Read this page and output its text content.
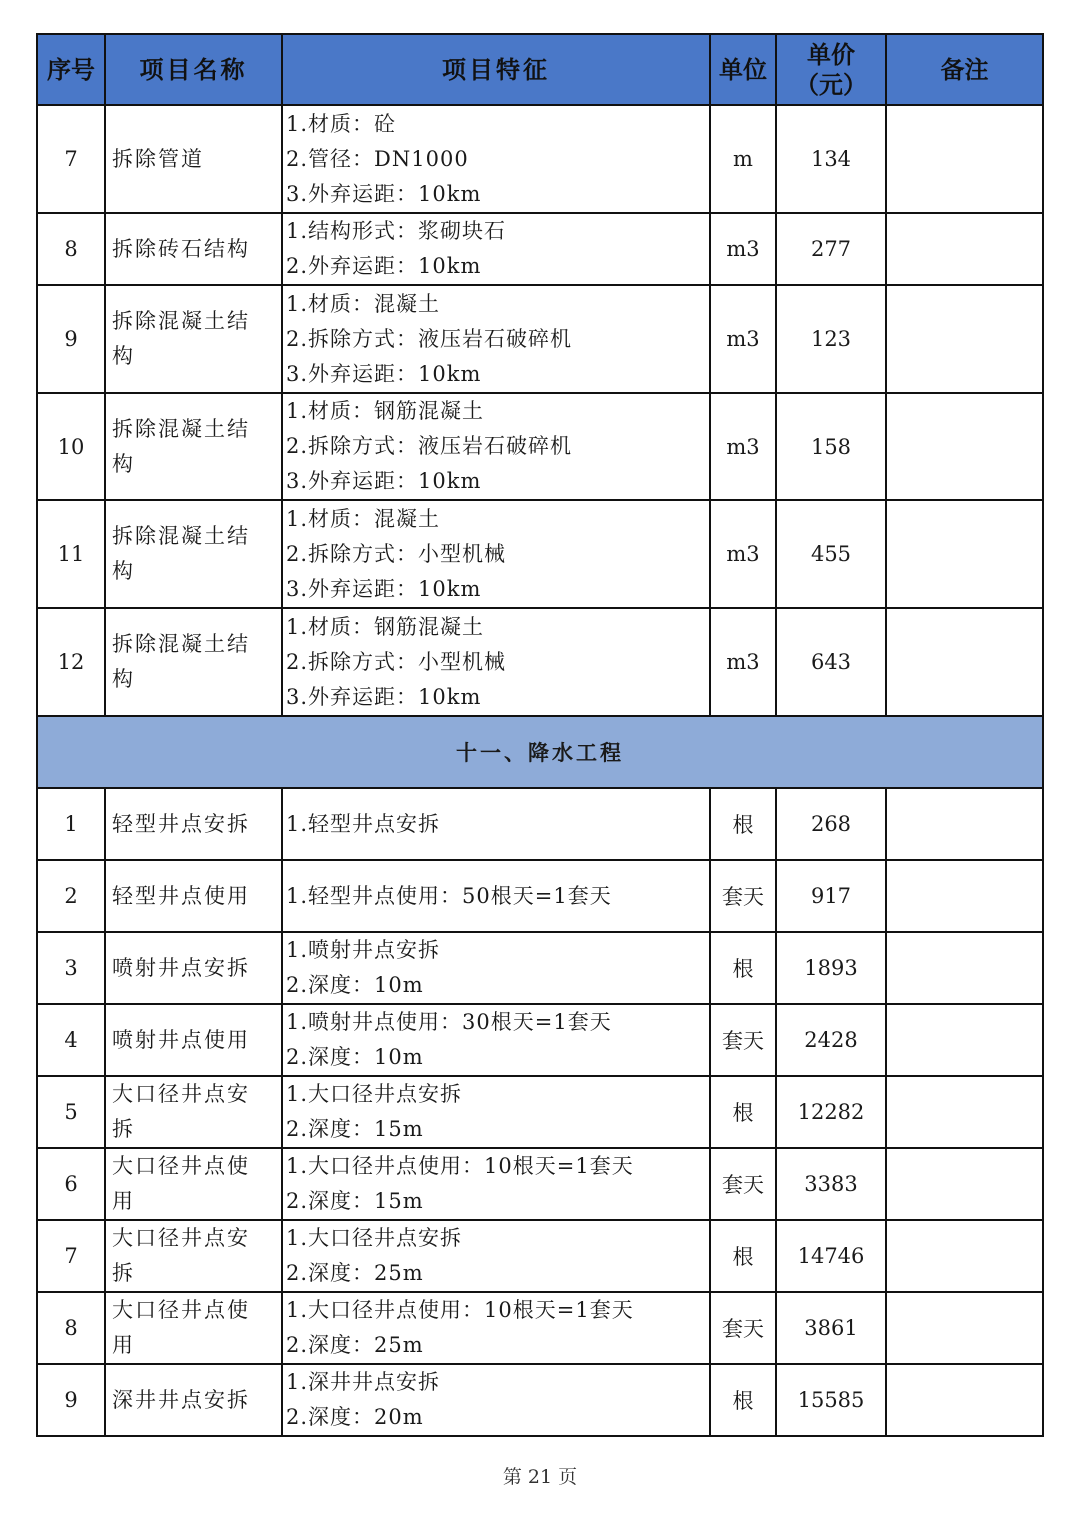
序号	项目名称	项目特征	单位	单价
（元）	备注
7	拆除管道	1.材质：砼
2.管径：DN1000
3.外弃运距：10km	m	134	
8	拆除砖石结构	1.结构形式：浆砌块石
2.外弃运距：10km	m3	277	
9	拆除混凝土结
构	1.材质：混凝土
2.拆除方式：液压岩石破碎机
3.外弃运距：10km	m3	123	
10	拆除混凝土结
构	1.材质：钢筋混凝土
2.拆除方式：液压岩石破碎机
3.外弃运距：10km	m3	158	
11	拆除混凝土结
构	1.材质：混凝土
2.拆除方式：小型机械
3.外弃运距：10km	m3	455	
12	拆除混凝土结
构	1.材质：钢筋混凝土
2.拆除方式：小型机械
3.外弃运距：10km	m3	643	
十一、降水工程					
1	轻型井点安拆	1.轻型井点安拆	根	268	
2	轻型井点使用	1.轻型井点使用：50根天=1套天	套天	917	
3	喷射井点安拆	1.喷射井点安拆
2.深度：10m	根	1893	
4	喷射井点使用	1.喷射井点使用：30根天=1套天
2.深度：10m	套天	2428	
5	大口径井点安
拆	1.大口径井点安拆
2.深度：15m	根	12282	
6	大口径井点使
用	1.大口径井点使用：10根天=1套天
2.深度：15m	套天	3383	
7	大口径井点安
拆	1.大口径井点安拆
2.深度：25m	根	14746	
8	大口径井点使
用	1.大口径井点使用：10根天=1套天
2.深度：25m	套天	3861	
9	深井井点安拆	1.深井井点安拆
2.深度：20m	根	15585	
第 21 页
